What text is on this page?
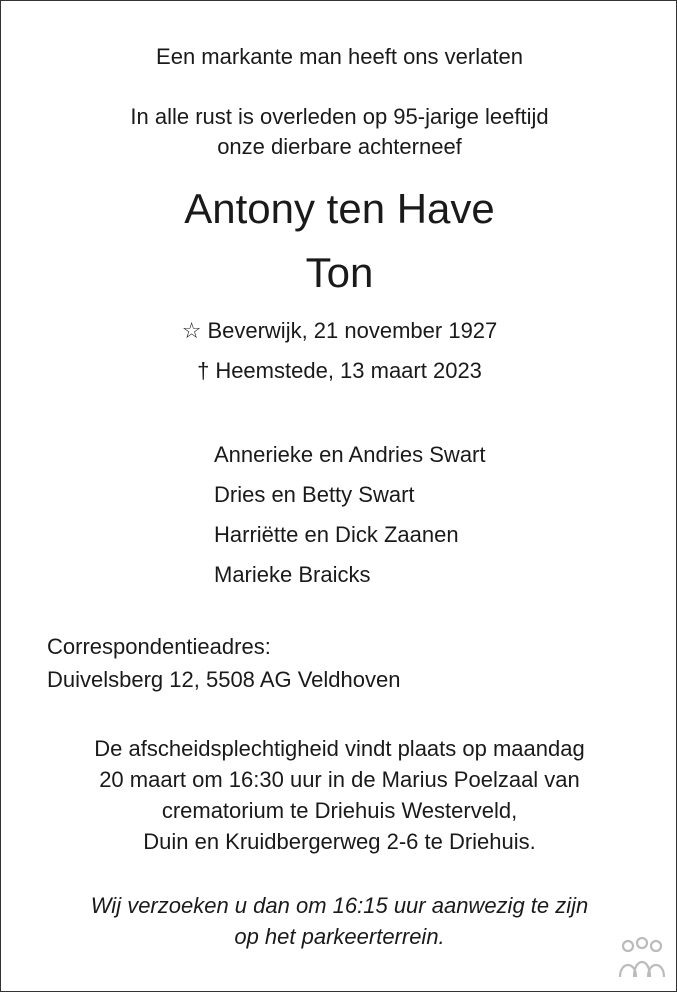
Een markante man heeft ons verlaten
In alle rust is overleden op 95-jarige leeftijd
onze dierbare achterneef
Antony ten Have
Ton
☆ Beverwijk, 21 november 1927
† Heemstede, 13 maart 2023
Annerieke en Andries Swart
Dries en Betty Swart
Harriëtte en Dick Zaanen
Marieke Braicks
Correspondentieadres:
Duivelsberg 12, 5508 AG Veldhoven
De afscheidsplechtigheid vindt plaats op maandag
20 maart om 16:30 uur in de Marius Poelzaal van
crematorium te Driehuis Westerveld,
Duin en Kruidbergerweg 2-6 te Driehuis.
Wij verzoeken u dan om 16:15 uur aanwezig te zijn
op het parkeerterrein.
